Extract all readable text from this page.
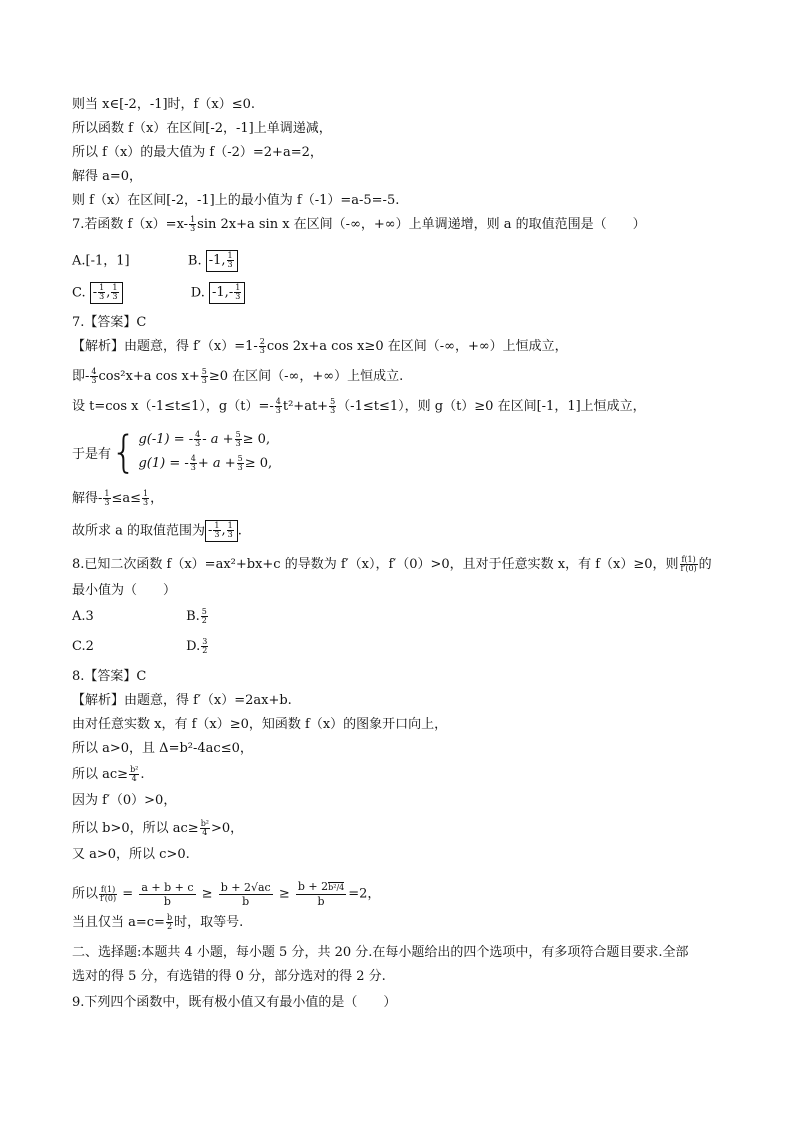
则当 x∈[-2，-1]时，f（x）≤0.
所以函数 f（x）在区间[-2，-1]上单调递减，
所以 f（x）的最大值为 f（-2）=2+a=2，
解得 a=0，
则 f（x）在区间[-2，-1]上的最小值为 f（-1）=a-5=-5.
7.若函数 $f(x)=x- \frac{1}{3}$ sin 2x+a sin x 在区间（-∞，+∞）上单调递增，则 a 的取值范围是（　　）
A.[-1，1]	B. -1, $\frac{1}{3}$
C. - $\frac{1}{3}$ , $\frac{1}{3}$	D. $-1,- \frac{1}{3}$
7.【答案】C
【解析】由题意，得 $f'(x)=1- \frac{2}{3}$ cos 2x+a cos x≥0 在区间（-∞，+∞）上恒成立，
即- $\frac{4}{3} \cos^2x+a$ $\cos x+ \frac{5}{3} \ge 0$ 在区间（-∞，+∞）上恒成立.
设 t=cos x（-1≤t≤1），$g(t)=- \frac{4}{3} t^2+at+ \frac{5}{3} (-1\le t\le 1)$，则 g（t）≥0 在区间[-1，1]上恒成立，
于是有 { g(-1) = - $\frac{4}{3} - a + \frac{5}{3} \ge 0$,
g(1) = - $\frac{4}{3} + a + \frac{5}{3} \ge 0$,
解得- $\frac{1}{3} \le a\le \frac{1}{3}$ ，
故所求 a 的取值范围为 - $\frac{1}{3}$ , $\frac{1}{3}$ .
8.已知二次函数 f（x）=ax²+bx+c 的导数为 f′（x），f′（0）>0，且对于任意实数 x，有 f（x）≥0，则 $\frac{f(1)}{f'(0)}$ 的
最小值为（　　）
A.3	B. $\frac{5}{2}$
C.2	D. $\frac{3}{2}$
8.【答案】C
【解析】由题意，得 f′（x）=2ax+b.
由对任意实数 x，有 f（x）≥0，知函数 f（x）的图象开口向上，
所以 a>0，且 Δ=b²-4ac≤0，
所以 $ac\ge \frac{\text{b²}}{4}$ .
因为 f′（0）>0，
所以 b>0，所以 $ac\ge \frac{\text{b²}}{4} >0$，
又 a>0，所以 c>0.
所以 $\frac{f(1)}{f'(0)} = \frac{a + b + c}{b} \ge \frac{b + 2√ac}{b} \ge \frac{\text{b + 2b²/4}}{b} =2$，
当且仅当 $a=c= \frac{b}{2}$ 时，取等号.
二、选择题:本题共 4 小题，每小题 5 分，共 20 分.在每小题给出的四个选项中，有多项符合题目要求.全部
选对的得 5 分，有选错的得 0 分，部分选对的得 2 分.
9.下列四个函数中，既有极小值又有最小值的是（　　）
